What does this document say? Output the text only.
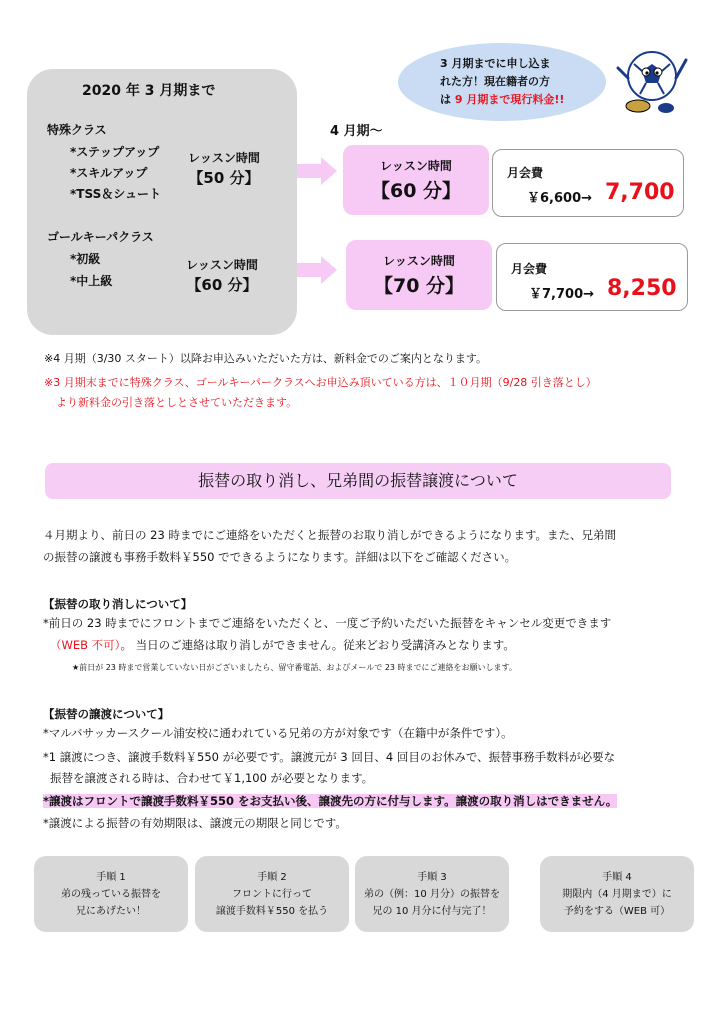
2020 年 3 月期まで
特殊クラス
*ステップアップ
*スキルアップ
*TSS＆シュート
レッスン時間
【50 分】
ゴールキーパクラス
*初級
*中上級
レッスン時間
【60 分】
4 月期～
レッスン時間
【60 分】
レッスン時間
【70 分】
月会費
￥6,600→ 7,700
月会費
￥7,700→ 8,250
3 月期までに申し込ま
れた方！現在籍者の方
は 9 月期まで現行料金!!
※4 月期（3/30 スタート）以降お申込みいただいた方は、新料金でのご案内となります。
※3 月期末までに特殊クラス、ゴールキーパークラスへお申込み頂いている方は、１０月期（9/28 引き落とし）
より新料金の引き落としとさせていただきます。
振替の取り消し、兄弟間の振替譲渡について
４月期より、前日の 23 時までにご連絡をいただくと振替のお取り消しができるようになります。また、兄弟間
の振替の譲渡も事務手数料￥550 でできるようになります。詳細は以下をご確認ください。
【振替の取り消しについて】
*前日の 23 時までにフロントまでご連絡をいただくと、一度ご予約いただいた振替をキャンセル変更できます
（WEB 不可）。 当日のご連絡は取り消しができません。従来どおり受講済みとなります。
★前日が 23 時まで営業していない日がございましたら、留守番電話、およびメールで 23 時までにご連絡をお願いします。
【振替の譲渡について】
*マルバサッカースクール浦安校に通われている兄弟の方が対象です（在籍中が条件です）。
*1 譲渡につき、譲渡手数料￥550 が必要です。譲渡元が 3 回目、4 回目のお休みで、振替事務手数料が必要な
振替を譲渡される時は、合わせて￥1,100 が必要となります。
*譲渡はフロントで譲渡手数料￥550 をお支払い後、譲渡先の方に付与します。譲渡の取り消しはできません。
*譲渡による振替の有効期限は、譲渡元の期限と同じです。
手順 1
弟の残っている振替を
兄にあげたい！
手順 2
フロントに行って
譲渡手数料￥550 を払う
手順 3
弟の（例：10 月分）の振替を
兄の 10 月分に付与完了！
手順 4
期限内（4 月期まで）に
予約をする（WEB 可）
